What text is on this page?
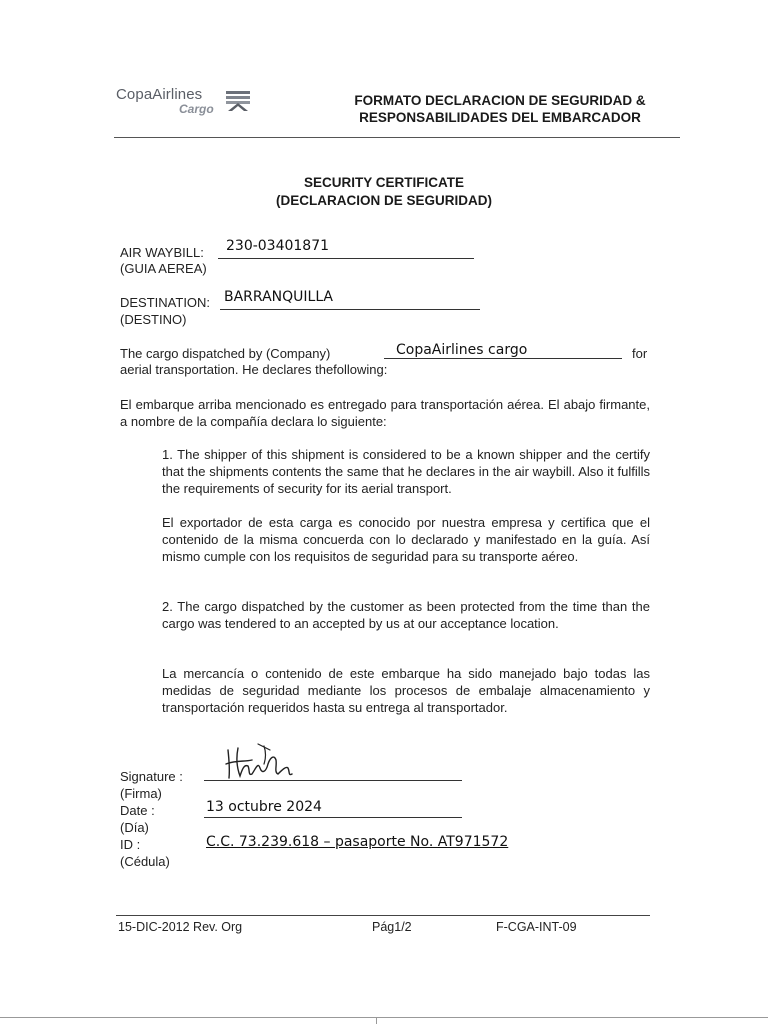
CopaAirlines
Cargo
FORMATO DECLARACION DE SEGURIDAD &
RESPONSABILIDADES DEL EMBARCADOR
SECURITY CERTIFICATE
(DECLARACION DE SEGURIDAD)
AIR WAYBILL:
(GUIA AEREA)
230-03401871
DESTINATION:
(DESTINO)
BARRANQUILLA
The cargo dispatched by (Company)	CopaAirlines cargo	for
aerial transportation. He declares thefollowing:
El embarque arriba mencionado es entregado para transportación aérea. El abajo firmante, a nombre de la compañía declara lo siguiente:
1. The shipper of this shipment is considered to be a known shipper and the certify that the shipments contents the same that he declares in the air waybill. Also it fulfills the requirements of security for its aerial transport.
El exportador de esta carga es conocido por nuestra empresa y certifica que el contenido de la misma concuerda con lo declarado y manifestado en la guía. Así mismo cumple con los requisitos de seguridad para su transporte aéreo.
2. The cargo dispatched by the customer as been protected from the time than the cargo was tendered to an accepted by us at our acceptance location.
La mercancía o contenido de este embarque ha sido manejado bajo todas las medidas de seguridad mediante los procesos de embalaje almacenamiento y transportación requeridos hasta su entrega al transportador.
Signature :
(Firma)
Date :
(Día)
13 octubre 2024
ID :
(Cédula)
C.C. 73.239.618 – pasaporte No. AT971572
15-DIC-2012 Rev. Org	Pág1/2	F-CGA-INT-09
